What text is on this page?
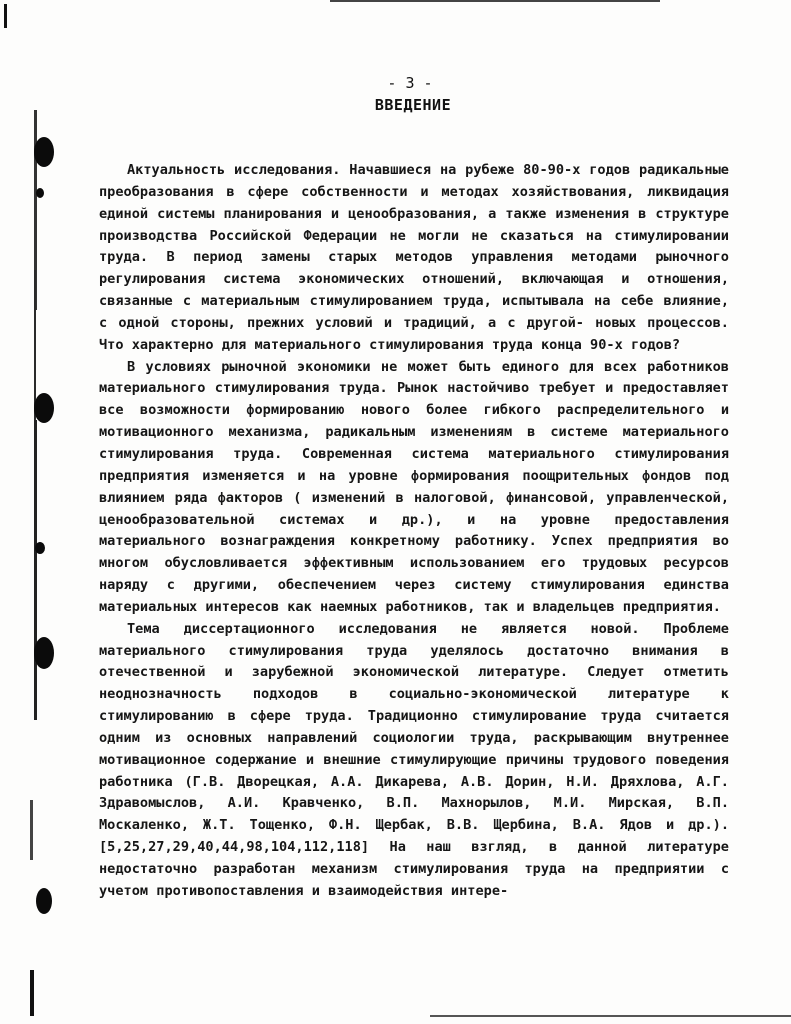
- 3 -
ВВЕДЕНИЕ

Актуальность исследования. Начавшиеся на рубеже 80-90-х годов радикальные преобразования в сфере собственности и методах хозяйствования, ликвидация единой системы планирования и ценообразования, а также изменения в структуре производства Российской Федерации не могли не сказаться на стимулировании труда. В период замены старых методов управления методами рыночного регулирования система экономических отношений, включающая и отношения, связанные с материальным стимулированием труда, испытывала на себе влияние, с одной стороны, прежних условий и традиций, а с другой- новых процессов. Что характерно для материального стимулирования труда конца 90-х годов?

В условиях рыночной экономики не может быть единого для всех работников материального стимулирования труда. Рынок настойчиво требует и предоставляет все возможности формированию нового более гибкого распределительного и мотивационного механизма, радикальным изменениям в системе материального стимулирования труда. Современная система материального стимулирования предприятия изменяется и на уровне формирования поощрительных фондов под влиянием ряда факторов ( изменений в налоговой, финансовой, управленческой, ценообразовательной системах и др.), и на уровне предоставления материального вознаграждения конкретному работнику. Успех предприятия во многом обусловливается эффективным использованием его трудовых ресурсов наряду с другими, обеспечением через систему стимулирования единства материальных интересов как наемных работников, так и владельцев предприятия.

Тема диссертационного исследования не является новой. Проблеме материального стимулирования труда уделялось достаточно внимания в отечественной и зарубежной экономической литературе. Следует отметить неоднозначность подходов в социально-экономической литературе к стимулированию в сфере труда. Традиционно стимулирование труда считается одним из основных направлений социологии труда, раскрывающим внутреннее мотивационное содержание и внешние стимулирующие причины трудового поведения работника (Г.В. Дворецкая, А.А. Дикарева, А.В. Дорин, Н.И. Дряхлова, А.Г. Здравомыслов, А.И. Кравченко, В.П. Махнорылов, М.И. Мирская, В.П. Москаленко, Ж.Т. Тощенко, Ф.Н. Щербак, В.В. Щербина, В.А. Ядов и др.). [5,25,27,29,40,44,98,104,112,118] На наш взгляд, в данной литературе недостаточно разработан механизм стимулирования труда на предприятии с учетом противопоставления и взаимодействия интере-
